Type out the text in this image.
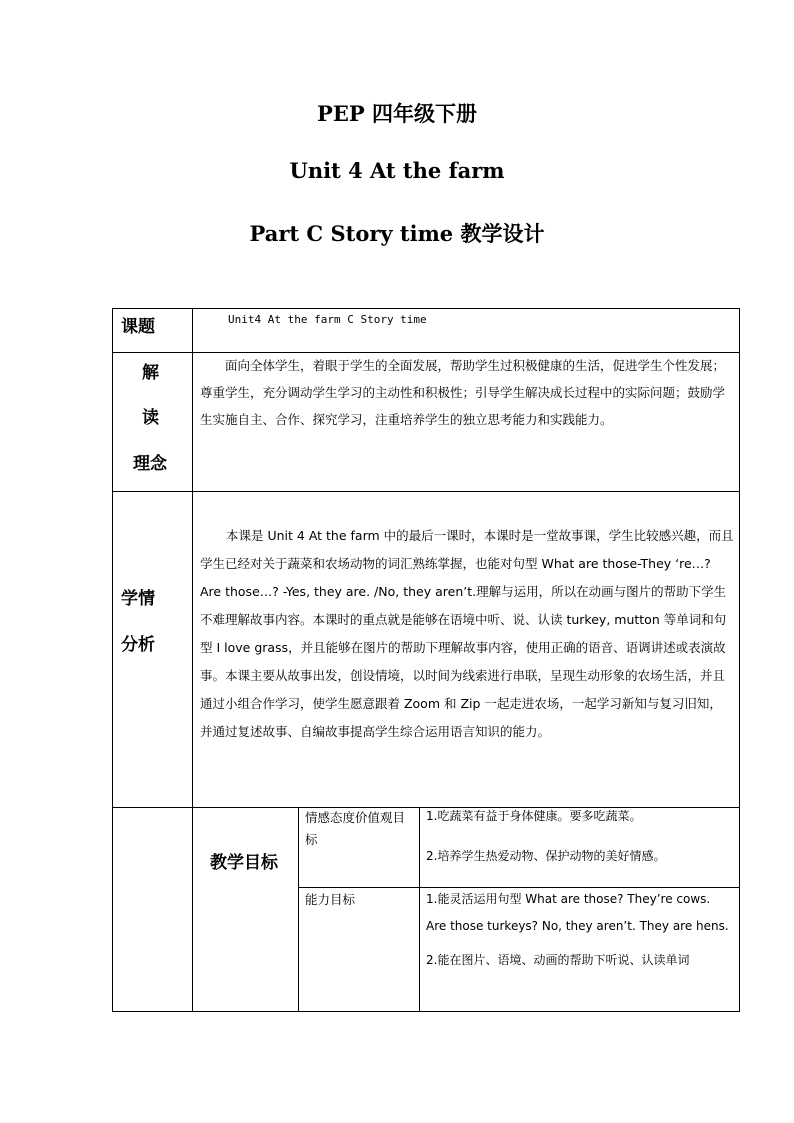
PEP 四年级下册
Unit 4 At the farm
Part C Story time 教学设计
课题	Unit4 At the farm C Story time
解
读
理念
面向全体学生，着眼于学生的全面发展，帮助学生过积极健康的生活，促进学生个性发展；尊重学生，充分调动学生学习的主动性和积极性；引导学生解决成长过程中的实际问题；鼓励学生实施自主、合作、探究学习，注重培养学生的独立思考能力和实践能力。
学情
分析
本课是 Unit 4 At the farm 中的最后一课时，本课时是一堂故事课，学生比较感兴趣，而且学生已经对关于蔬菜和农场动物的词汇熟练掌握，也能对句型 What are those-They ‘re…? Are those…? -Yes, they are. /No, they aren’t.理解与运用，所以在动画与图片的帮助下学生不难理解故事内容。本课时的重点就是能够在语境中听、说、认读 turkey, mutton 等单词和句型 I love grass，并且能够在图片的帮助下理解故事内容，使用正确的语音、语调讲述或表演故事。本课主要从故事出发，创设情境，以时间为线索进行串联，呈现生动形象的农场生活，并且通过小组合作学习，使学生愿意跟着 Zoom 和 Zip 一起走进农场，一起学习新知与复习旧知，并通过复述故事、自编故事提高学生综合运用语言知识的能力。
教学目标
情感态度价值观目标

1.吃蔬菜有益于身体健康。要多吃蔬菜。

2.培养学生热爱动物、保护动物的美好情感。

能力目标	1.能灵活运用句型 What are those? They’re cows. Are those turkeys? No, they aren’t. They are hens.

2.能在图片、语境、动画的帮助下听说、认读单词
